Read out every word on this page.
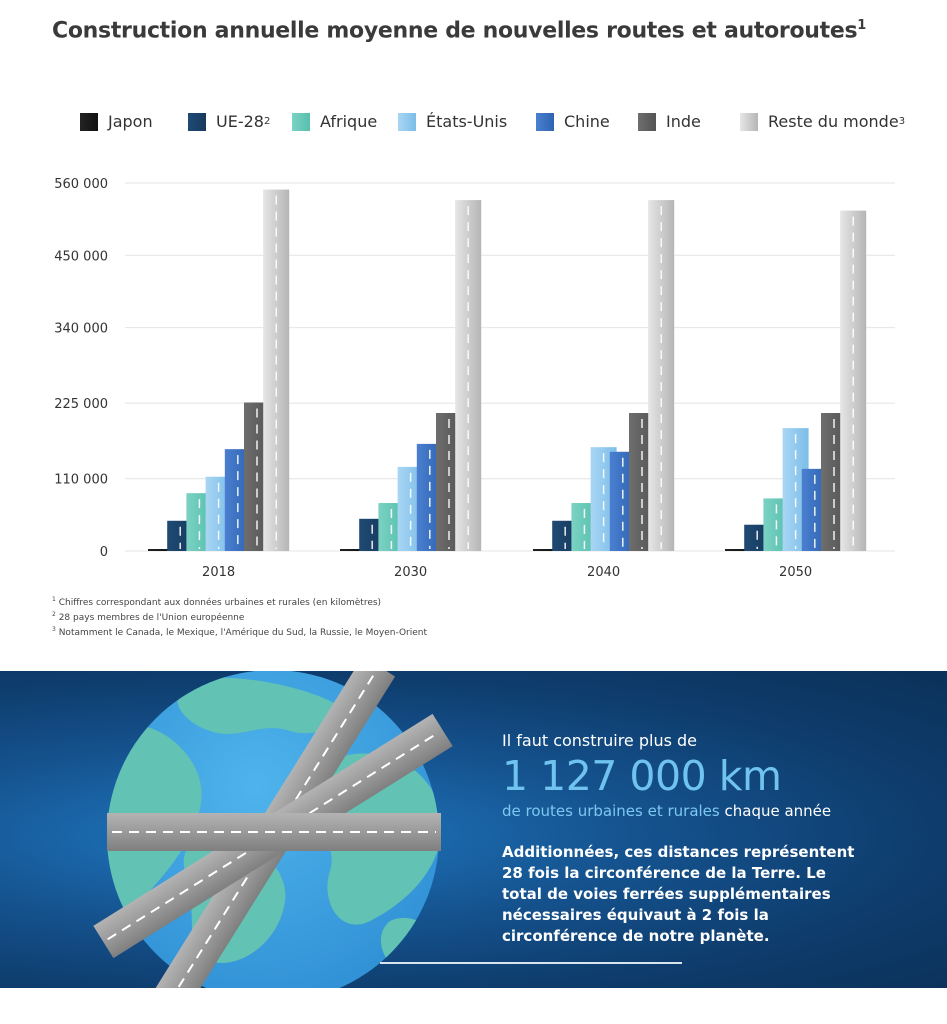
Construction annuelle moyenne de nouvelles routes et autoroutes$^1$
Japon	UE-28 2	Afrique	États-Unis	Chine	Inde	Reste du monde 3
2018	2030	2040	2050
0
110 000
225 000
340 000
450 000
560 000
$^1$ Chiffres correspondant aux données urbaines et rurales (en kilomètres)
$^2$ 28 pays membres de l'Union européenne
$^3$ Notamment le Canada, le Mexique, l'Amérique du Sud, la Russie, le Moyen-Orient
Il faut construire plus de
1 127 000 km
de routes urbaines et rurales chaque année
Additionnées, ces distances représentent 28 fois la circonférence de la Terre. Le total de voies ferrées supplémentaires nécessaires équivaut à 2 fois la circonférence de notre planète.
